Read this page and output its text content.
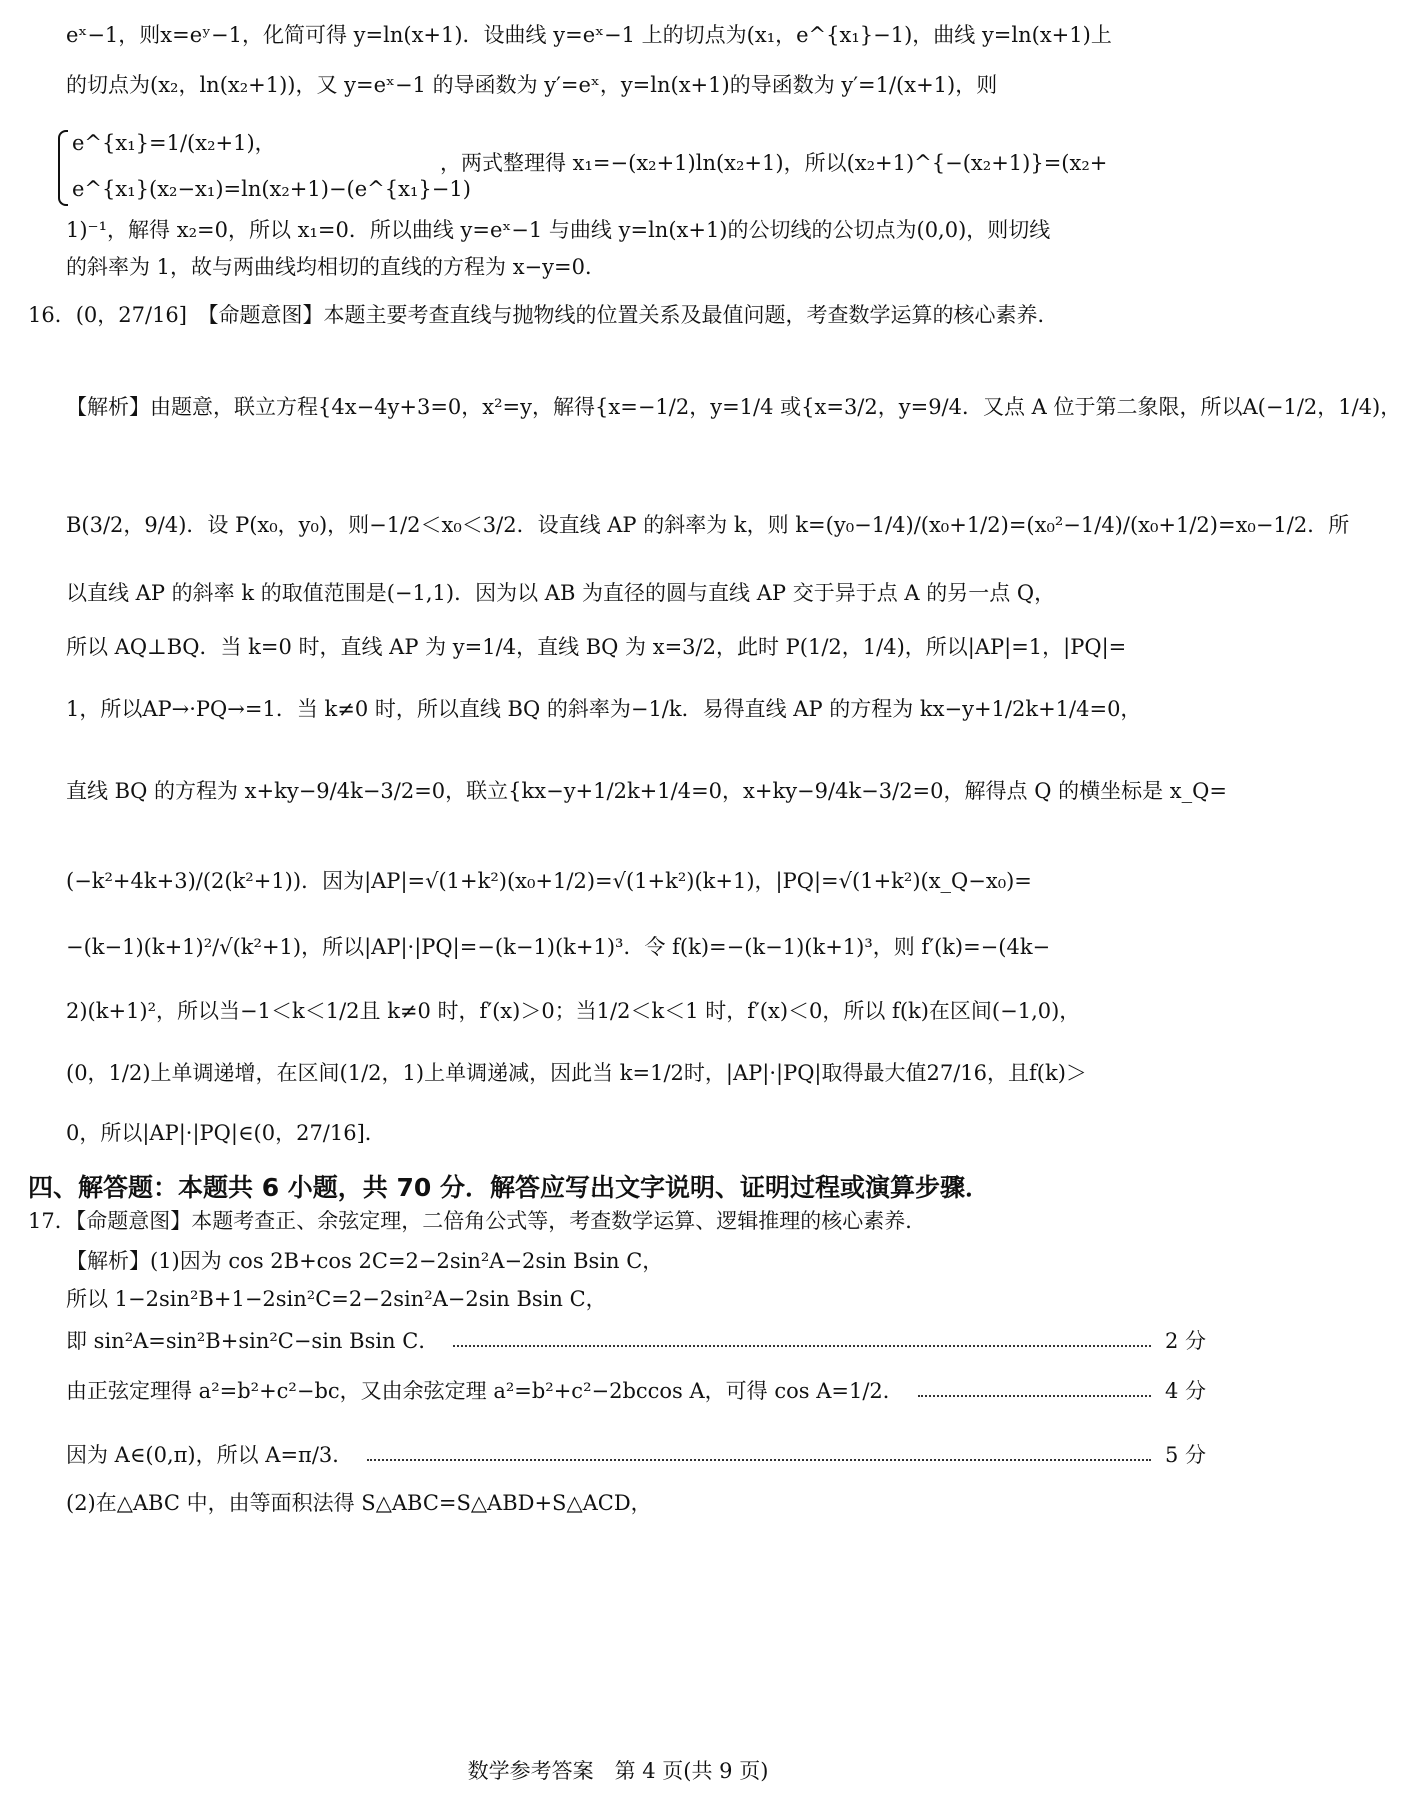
eˣ−1，则x=eʸ−1，化简可得 y=ln(x+1)．设曲线 y=eˣ−1 上的切点为(x₁，e^{x₁}−1)，曲线 y=ln(x+1)上
的切点为(x₂，ln(x₂+1))，又 y=eˣ−1 的导函数为 y′=eˣ，y=ln(x+1)的导函数为 y′=1/(x+1)，则
e^{x₁}=1/(x₂+1)，
e^{x₁}(x₂−x₁)=ln(x₂+1)−(e^{x₁}−1)
，两式整理得 x₁=−(x₂+1)ln(x₂+1)，所以(x₂+1)^{−(x₂+1)}=(x₂+
1)⁻¹，解得 x₂=0，所以 x₁=0．所以曲线 y=eˣ−1 与曲线 y=ln(x+1)的公切线的公切点为(0,0)，则切线
的斜率为 1，故与两曲线均相切的直线的方程为 x−y=0．
16．(0，27/16]　【命题意图】本题主要考查直线与抛物线的位置关系及最值问题，考查数学运算的核心素养．
【解析】由题意，联立方程{4x−4y+3=0，x²=y，解得{x=−1/2，y=1/4 或{x=3/2，y=9/4．又点 A 位于第二象限，所以A(−1/2，1/4)，
B(3/2，9/4)．设 P(x₀，y₀)，则−1/2＜x₀＜3/2．设直线 AP 的斜率为 k，则 k=(y₀−1/4)/(x₀+1/2)=(x₀²−1/4)/(x₀+1/2)=x₀−1/2．所
以直线 AP 的斜率 k 的取值范围是(−1,1)．因为以 AB 为直径的圆与直线 AP 交于异于点 A 的另一点 Q，
所以 AQ⊥BQ．当 k=0 时，直线 AP 为 y=1/4，直线 BQ 为 x=3/2，此时 P(1/2，1/4)，所以|AP|=1，|PQ|=
1，所以AP→·PQ→=1．当 k≠0 时，所以直线 BQ 的斜率为−1/k．易得直线 AP 的方程为 kx−y+1/2k+1/4=0，
直线 BQ 的方程为 x+ky−9/4k−3/2=0，联立{kx−y+1/2k+1/4=0，x+ky−9/4k−3/2=0，解得点 Q 的横坐标是 x_Q=
(−k²+4k+3)/(2(k²+1))．因为|AP|=√(1+k²)(x₀+1/2)=√(1+k²)(k+1)，|PQ|=√(1+k²)(x_Q−x₀)=
−(k−1)(k+1)²/√(k²+1)，所以|AP|·|PQ|=−(k−1)(k+1)³．令 f(k)=−(k−1)(k+1)³，则 f′(k)=−(4k−
2)(k+1)²，所以当−1＜k＜1/2且 k≠0 时，f′(x)＞0；当1/2＜k＜1 时，f′(x)＜0，所以 f(k)在区间(−1,0)，
(0，1/2)上单调递增，在区间(1/2，1)上单调递减，因此当 k=1/2时，|AP|·|PQ|取得最大值27/16，且f(k)＞
0，所以|AP|·|PQ|∈(0，27/16]．
四、解答题：本题共 6 小题，共 70 分．解答应写出文字说明、证明过程或演算步骤．
17．【命题意图】本题考查正、余弦定理，二倍角公式等，考查数学运算、逻辑推理的核心素养．
【解析】(1)因为 cos 2B+cos 2C=2−2sin²A−2sin Bsin C，
所以 1−2sin²B+1−2sin²C=2−2sin²A−2sin Bsin C，
即 sin²A=sin²B+sin²C−sin Bsin C．	2 分
由正弦定理得 a²=b²+c²−bc，又由余弦定理 a²=b²+c²−2bccos A，可得 cos A=1/2．	4 分
因为 A∈(0,π)，所以 A=π/3．	5 分
(2)在△ABC 中，由等面积法得 S△ABC=S△ABD+S△ACD，
数学参考答案　第 4 页(共 9 页)
